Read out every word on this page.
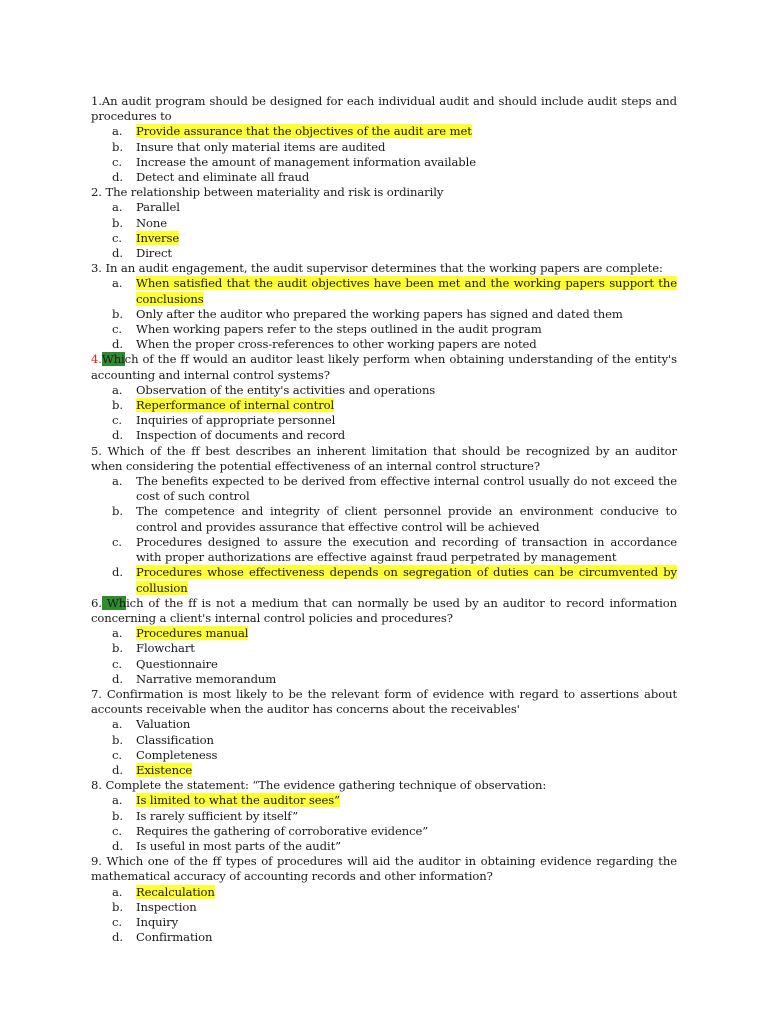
1.An audit program should be designed for each individual audit and should include audit steps and procedures to
a. Provide assurance that the objectives of the audit are met
b. Insure that only material items are audited
c. Increase the amount of management information available
d. Detect and eliminate all fraud
2. The relationship between materiality and risk is ordinarily
a. Parallel
b. None
c. Inverse
d. Direct
3. In an audit engagement, the audit supervisor determines that the working papers are complete:
a. When satisfied that the audit objectives have been met and the working papers support the conclusions
b. Only after the auditor who prepared the working papers has signed and dated them
c. When working papers refer to the steps outlined in the audit program
d. When the proper cross-references to other working papers are noted
4.Which of the ff would an auditor least likely perform when obtaining understanding of the entity's accounting and internal control systems?
a. Observation of the entity's activities and operations
b. Reperformance of internal control
c. Inquiries of appropriate personnel
d. Inspection of documents and record
5. Which of the ff best describes an inherent limitation that should be recognized by an auditor when considering the potential effectiveness of an internal control structure?
a. The benefits expected to be derived from effective internal control usually do not exceed the cost of such control
b. The competence and integrity of client personnel provide an environment conducive to control and provides assurance that effective control will be achieved
c. Procedures designed to assure the execution and recording of transaction in accordance with proper authorizations are effective against fraud perpetrated by management
d. Procedures whose effectiveness depends on segregation of duties can be circumvented by collusion
6. Which of the ff is not a medium that can normally be used by an auditor to record information concerning a client's internal control policies and procedures?
a. Procedures manual
b. Flowchart
c. Questionnaire
d. Narrative memorandum
7. Confirmation is most likely to be the relevant form of evidence with regard to assertions about accounts receivable when the auditor has concerns about the receivables'
a. Valuation
b. Classification
c. Completeness
d. Existence
8. Complete the statement: “The evidence gathering technique of observation:
a. Is limited to what the auditor sees”
b. Is rarely sufficient by itself”
c. Requires the gathering of corroborative evidence”
d. Is useful in most parts of the audit”
9. Which one of the ff types of procedures will aid the auditor in obtaining evidence regarding the mathematical accuracy of accounting records and other information?
a. Recalculation
b. Inspection
c. Inquiry
d. Confirmation
